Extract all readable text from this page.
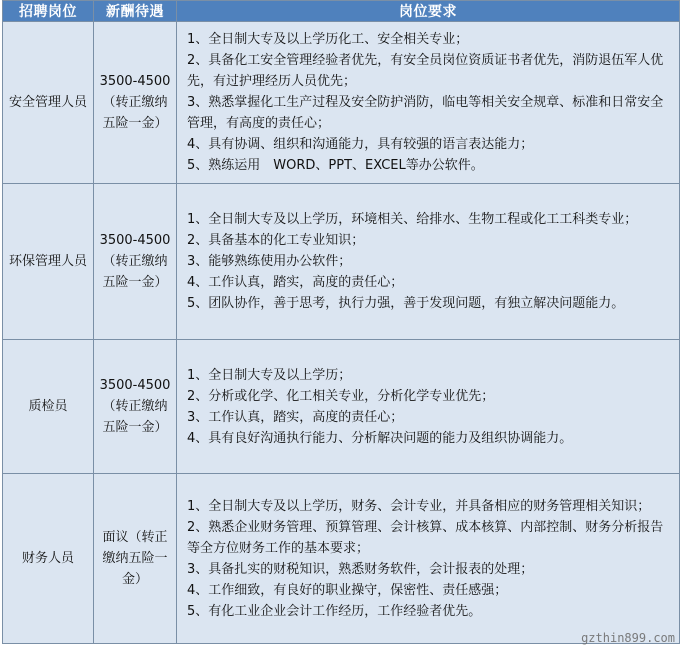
招聘岗位	新酬待遇	岗位要求
安全管理人员	3500-4500（转正缴纳五险一金）	1、全日制大专及以上学历化工、安全相关专业；
2、具备化工安全管理经验者优先，有安全员岗位资质证书者优先，消防退伍军人优先，有过护理经历人员优先；
3、熟悉掌握化工生产过程及安全防护消防，临电等相关安全规章、标准和日常安全管理，有高度的责任心；
4、具有协调、组织和沟通能力，具有较强的语言表达能力；
5、熟练运用　WORD、PPT、EXCEL等办公软件。

环保管理人员	3500-4500（转正缴纳五险一金）	1、全日制大专及以上学历，环境相关、给排水、生物工程或化工工科类专业；
2、具备基本的化工专业知识；
3、能够熟练使用办公软件；
4、工作认真，踏实，高度的责任心；
5、团队协作，善于思考，执行力强，善于发现问题，有独立解决问题能力。

质检员	3500-4500（转正缴纳五险一金）	1、全日制大专及以上学历；
2、分析或化学、化工相关专业，分析化学专业优先；
3、工作认真，踏实，高度的责任心；
4、具有良好沟通执行能力、分析解决问题的能力及组织协调能力。

财务人员	面议（转正缴纳五险一金）	1、全日制大专及以上学历，财务、会计专业，并具备相应的财务管理相关知识；
2、熟悉企业财务管理、预算管理、会计核算、成本核算、内部控制、财务分析报告等全方位财务工作的基本要求；
3、具备扎实的财税知识，熟悉财务软件，会计报表的处理；
4、工作细致，有良好的职业操守，保密性、责任感强；
5、有化工业企业会计工作经历，工作经验者优先。
gzthin899.com
